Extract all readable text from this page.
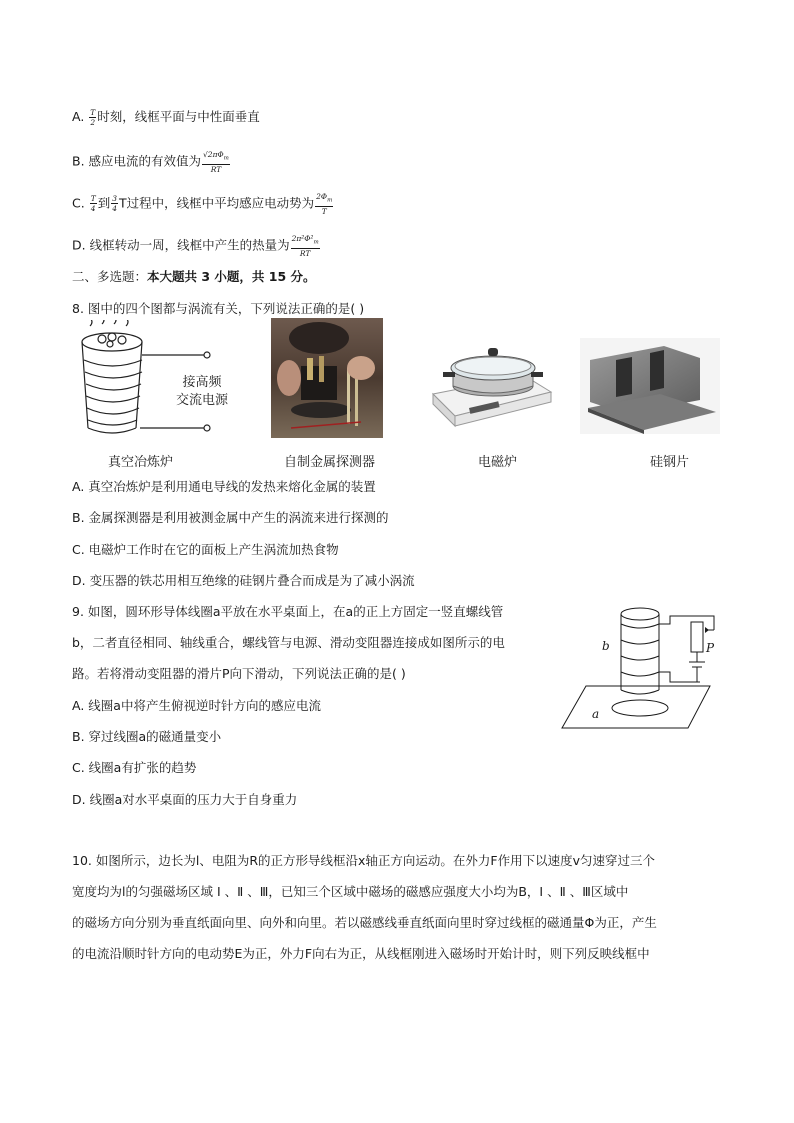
A. $\frac{T}{2}$ 时刻，线框平面与中性面垂直
B. 感应电流的有效值为 $\frac{√2\pi\Phi_m}{RT}$
C. $\frac{T}{4}$ 到 $\frac{3}{4}$ T过程中，线框中平均感应电动势为 $\frac{2\Phi_m}{T}$
D. 线框转动一周，线框中产生的热量为 $\frac{2\pi^2\Phi^2_m}{RT}$
二、多选题：本大题共 3 小题，共 15 分。
8. 图中的四个图都与涡流有关，下列说法正确的是( )
接高频
交流电源
真空冶炼炉	自制金属探测器	电磁炉	硅钢片
A. 真空冶炼炉是利用通电导线的发热来熔化金属的装置
B. 金属探测器是利用被测金属中产生的涡流来进行探测的
C. 电磁炉工作时在它的面板上产生涡流加热食物
D. 变压器的铁芯用相互绝缘的硅钢片叠合而成是为了减小涡流
9. 如图，圆环形导体线圈a平放在水平桌面上，在a的正上方固定一竖直螺线管
b，二者直径相同、轴线重合，螺线管与电源、滑动变阻器连接成如图所示的电
路。若将滑动变阻器的滑片P向下滑动，下列说法正确的是( )
A. 线圈a中将产生俯视逆时针方向的感应电流
B. 穿过线圈a的磁通量变小
C. 线圈a有扩张的趋势
D. 线圈a对水平桌面的压力大于自身重力
b	P
a
10. 如图所示，边长为l、电阻为R的正方形导线框沿x轴正方向运动。在外力F作用下以速度v匀速穿过三个
宽度均为l的匀强磁场区域 Ⅰ 、Ⅱ 、Ⅲ，已知三个区域中磁场的磁感应强度大小均为B，Ⅰ 、Ⅱ 、Ⅲ区域中
的磁场方向分别为垂直纸面向里、向外和向里。若以磁感线垂直纸面向里时穿过线框的磁通量Φ为正，产生
的电流沿顺时针方向的电动势E为正，外力F向右为正，从线框刚进入磁场时开始计时，则下列反映线框中
